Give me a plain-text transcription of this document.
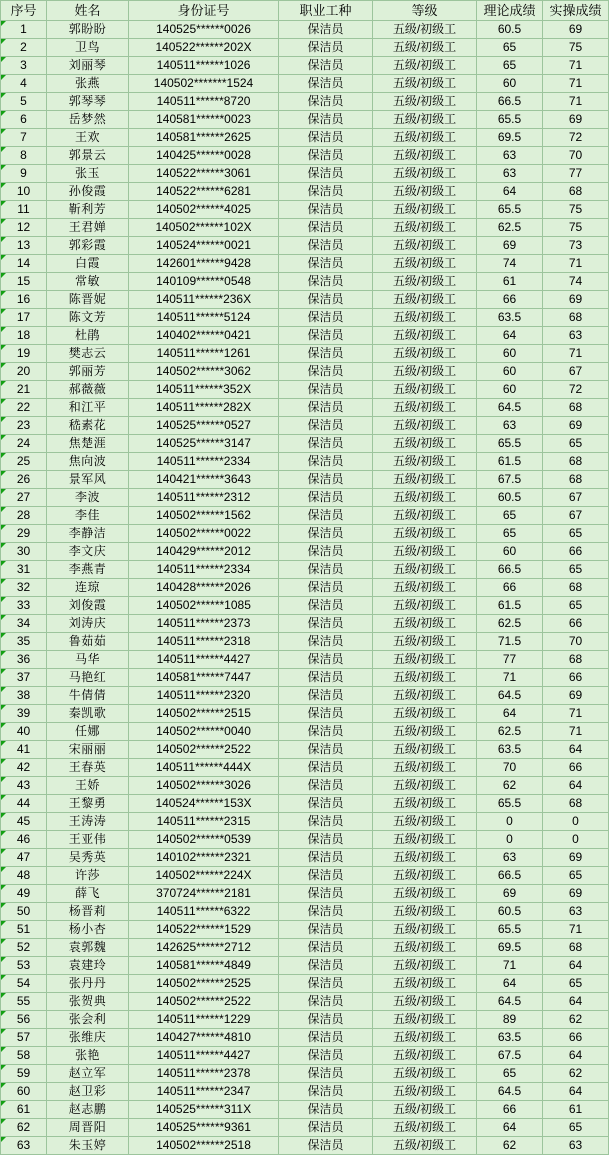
序号	姓名	身份证号	职业工种	等级	理论成绩	实操成绩
1	郭盼盼	140525******0026	保洁员	五级/初级工	60.5	69
2	卫鸟	140522******202X	保洁员	五级/初级工	65	75
3	刘丽琴	140511******1026	保洁员	五级/初级工	65	71
4	张燕	140502*******1524	保洁员	五级/初级工	60	71
5	郭琴琴	140511******8720	保洁员	五级/初级工	66.5	71
6	岳梦然	140581******0023	保洁员	五级/初级工	65.5	69
7	王欢	140581******2625	保洁员	五级/初级工	69.5	72
8	郭景云	140425******0028	保洁员	五级/初级工	63	70
9	张玉	140522******3061	保洁员	五级/初级工	63	77
10	孙俊霞	140522******6281	保洁员	五级/初级工	64	68
11	靳利芳	140502******4025	保洁员	五级/初级工	65.5	75
12	王君婵	140502******102X	保洁员	五级/初级工	62.5	75
13	郭彩霞	140524******0021	保洁员	五级/初级工	69	73
14	白霞	142601******9428	保洁员	五级/初级工	74	71
15	常敏	140109******0548	保洁员	五级/初级工	61	74
16	陈晋妮	140511******236X	保洁员	五级/初级工	66	69
17	陈文芳	140511******5124	保洁员	五级/初级工	63.5	68
18	杜鹃	140402******0421	保洁员	五级/初级工	64	63
19	樊志云	140511******1261	保洁员	五级/初级工	60	71
20	郭丽芳	140502******3062	保洁员	五级/初级工	60	67
21	郝薇薇	140511******352X	保洁员	五级/初级工	60	72
22	和江平	140511******282X	保洁员	五级/初级工	64.5	68
23	嵇素花	140525******0527	保洁员	五级/初级工	63	69
24	焦楚涯	140525******3147	保洁员	五级/初级工	65.5	65
25	焦向波	140511******2334	保洁员	五级/初级工	61.5	68
26	景军风	140421******3643	保洁员	五级/初级工	67.5	68
27	李波	140511******2312	保洁员	五级/初级工	60.5	67
28	李佳	140502******1562	保洁员	五级/初级工	65	67
29	李静洁	140502******0022	保洁员	五级/初级工	65	65
30	李文庆	140429******2012	保洁员	五级/初级工	60	66
31	李燕青	140511******2334	保洁员	五级/初级工	66.5	65
32	连琼	140428******2026	保洁员	五级/初级工	66	68
33	刘俊霞	140502******1085	保洁员	五级/初级工	61.5	65
34	刘涛庆	140511******2373	保洁员	五级/初级工	62.5	66
35	鲁茹茹	140511******2318	保洁员	五级/初级工	71.5	70
36	马华	140511******4427	保洁员	五级/初级工	77	68
37	马艳红	140581******7447	保洁员	五级/初级工	71	66
38	牛倩倩	140511******2320	保洁员	五级/初级工	64.5	69
39	秦凯歌	140502******2515	保洁员	五级/初级工	64	71
40	任娜	140502******0040	保洁员	五级/初级工	62.5	71
41	宋丽丽	140502******2522	保洁员	五级/初级工	63.5	64
42	王春英	140511******444X	保洁员	五级/初级工	70	66
43	王娇	140502******3026	保洁员	五级/初级工	62	64
44	王黎勇	140524******153X	保洁员	五级/初级工	65.5	68
45	王涛涛	140511******2315	保洁员	五级/初级工	0	0
46	王亚伟	140502******0539	保洁员	五级/初级工	0	0
47	吴秀英	140102******2321	保洁员	五级/初级工	63	69
48	许莎	140502******224X	保洁员	五级/初级工	66.5	65
49	薛飞	370724******2181	保洁员	五级/初级工	69	69
50	杨晋莉	140511******6322	保洁员	五级/初级工	60.5	63
51	杨小杏	140522******1529	保洁员	五级/初级工	65.5	71
52	袁郭魏	142625******2712	保洁员	五级/初级工	69.5	68
53	袁建玲	140581******4849	保洁员	五级/初级工	71	64
54	张丹丹	140502******2525	保洁员	五级/初级工	64	65
55	张贺典	140502******2522	保洁员	五级/初级工	64.5	64
56	张会利	140511******1229	保洁员	五级/初级工	89	62
57	张维庆	140427******4810	保洁员	五级/初级工	63.5	66
58	张艳	140511******4427	保洁员	五级/初级工	67.5	64
59	赵立军	140511******2378	保洁员	五级/初级工	65	62
60	赵卫彩	140511******2347	保洁员	五级/初级工	64.5	64
61	赵志鹏	140525******311X	保洁员	五级/初级工	66	61
62	周晋阳	140525******9361	保洁员	五级/初级工	64	65
63	朱玉婷	140502******2518	保洁员	五级/初级工	62	63
